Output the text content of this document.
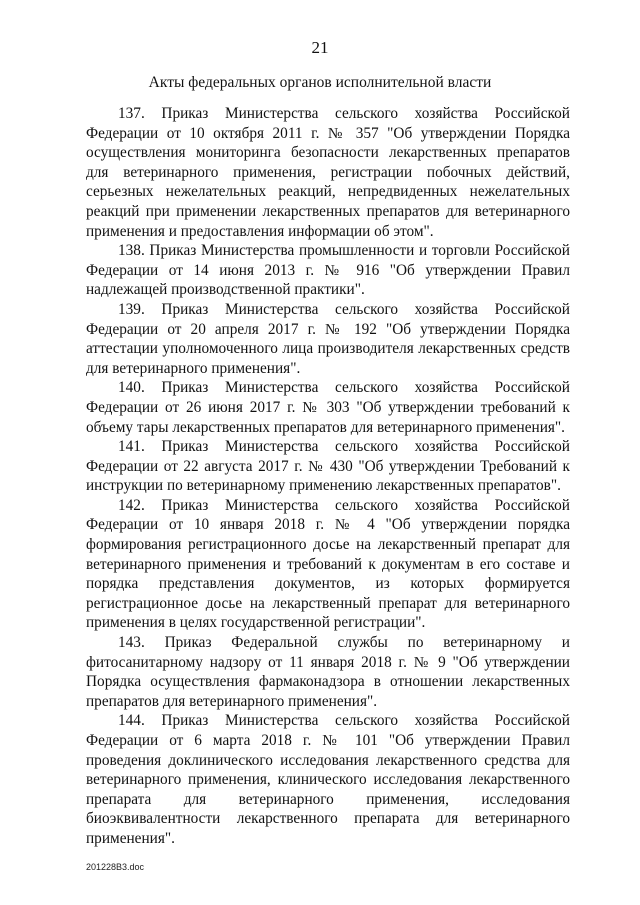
21
Акты федеральных органов исполнительной власти

137. Приказ Министерства сельского хозяйства Российской Федерации от 10 октября 2011 г. № 357 "Об утверждении Порядка осуществления мониторинга безопасности лекарственных препаратов для ветеринарного применения, регистрации побочных действий, серьезных нежелательных реакций, непредвиденных нежелательных реакций при применении лекарственных препаратов для ветеринарного применения и предоставления информации об этом".

138. Приказ Министерства промышленности и торговли Российской Федерации от 14 июня 2013 г. № 916 "Об утверждении Правил надлежащей производственной практики".

139. Приказ Министерства сельского хозяйства Российской Федерации от 20 апреля 2017 г. № 192 "Об утверждении Порядка аттестации уполномоченного лица производителя лекарственных средств для ветеринарного применения".

140. Приказ Министерства сельского хозяйства Российской Федерации от 26 июня 2017 г. № 303 "Об утверждении требований к объему тары лекарственных препаратов для ветеринарного применения".

141. Приказ Министерства сельского хозяйства Российской Федерации от 22 августа 2017 г. № 430 "Об утверждении Требований к инструкции по ветеринарному применению лекарственных препаратов".

142. Приказ Министерства сельского хозяйства Российской Федерации от 10 января 2018 г. № 4 "Об утверждении порядка формирования регистрационного досье на лекарственный препарат для ветеринарного применения и требований к документам в его составе и порядка представления документов, из которых формируется регистрационное досье на лекарственный препарат для ветеринарного применения в целях государственной регистрации".

143. Приказ Федеральной службы по ветеринарному и фитосанитарному надзору от 11 января 2018 г. № 9 "Об утверждении Порядка осуществления фармаконадзора в отношении лекарственных препаратов для ветеринарного применения".

144. Приказ Министерства сельского хозяйства Российской Федерации от 6 марта 2018 г. № 101 "Об утверждении Правил проведения доклинического исследования лекарственного средства для ветеринарного применения, клинического исследования лекарственного препарата для ветеринарного применения, исследования биоэквивалентности лекарственного препарата для ветеринарного применения".

201228В3.doc
